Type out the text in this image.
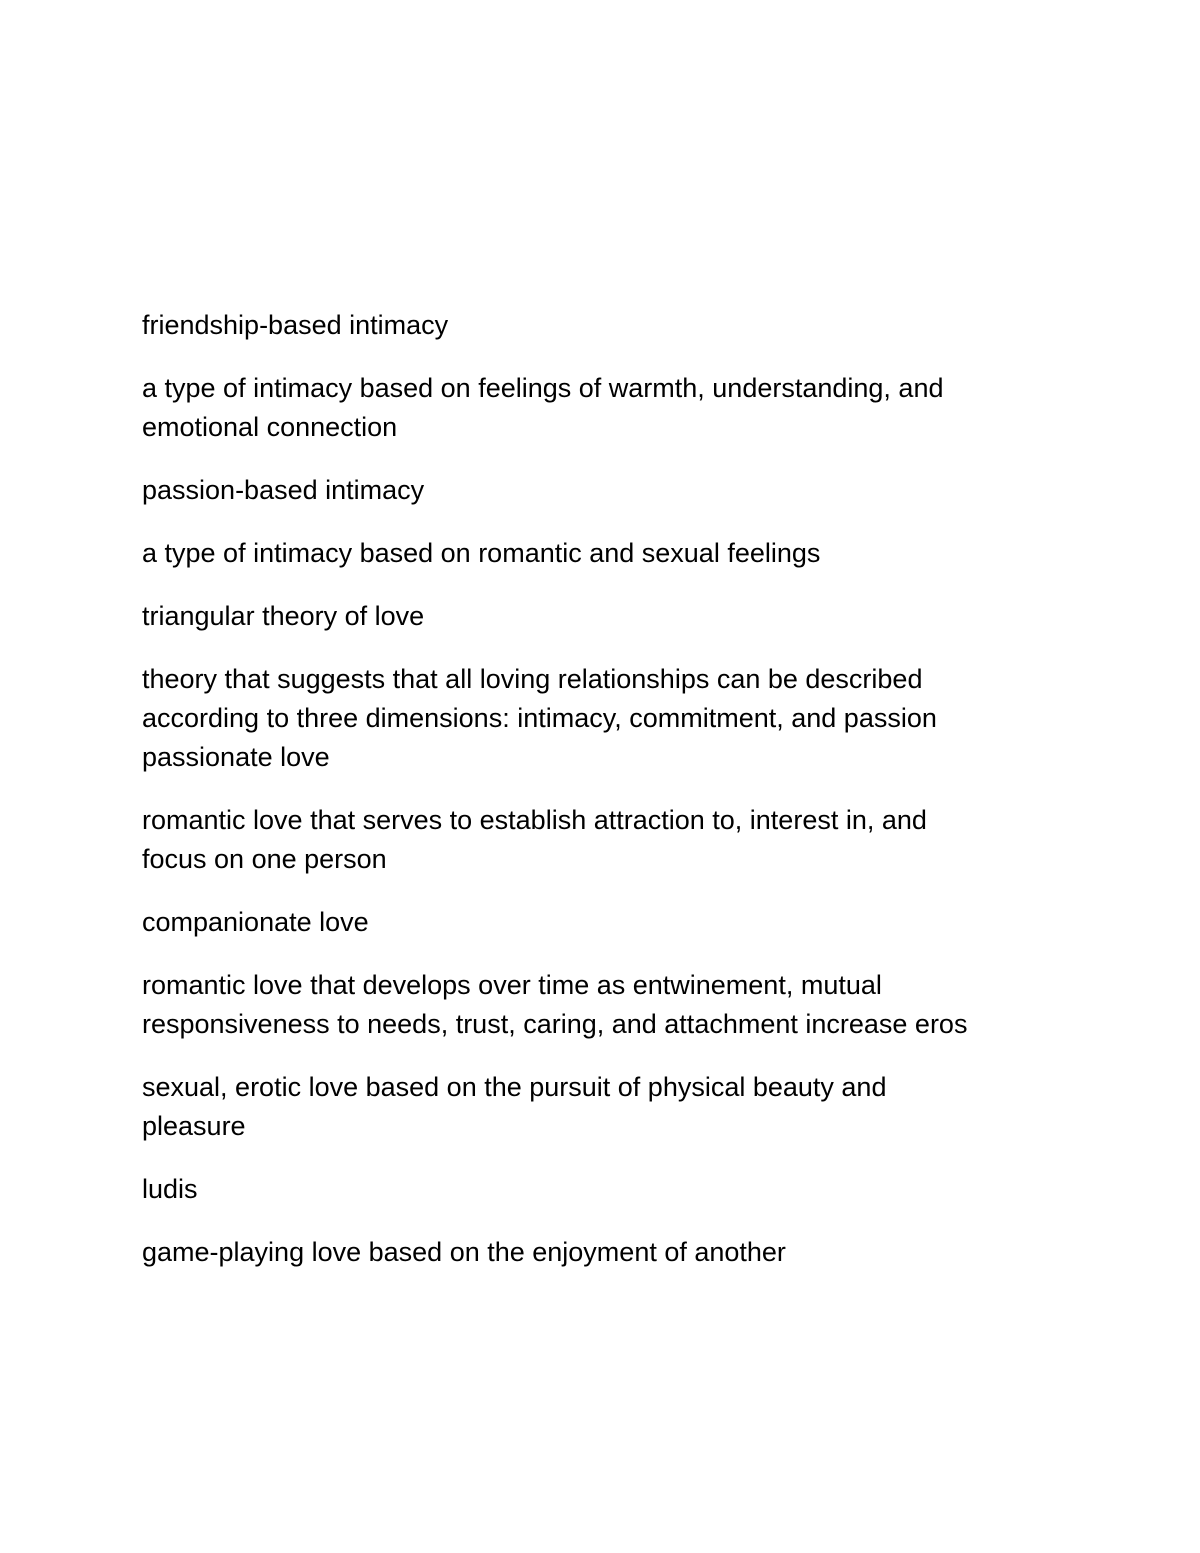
friendship-based intimacy

a type of intimacy based on feelings of warmth, understanding, and
emotional connection

passion-based intimacy

a type of intimacy based on romantic and sexual feelings

triangular theory of love

theory that suggests that all loving relationships can be described
according to three dimensions: intimacy, commitment, and passion
passionate love

romantic love that serves to establish attraction to, interest in, and
focus on one person

companionate love

romantic love that develops over time as entwinement, mutual
responsiveness to needs, trust, caring, and attachment increase eros

sexual, erotic love based on the pursuit of physical beauty and
pleasure

ludis

game-playing love based on the enjoyment of another
